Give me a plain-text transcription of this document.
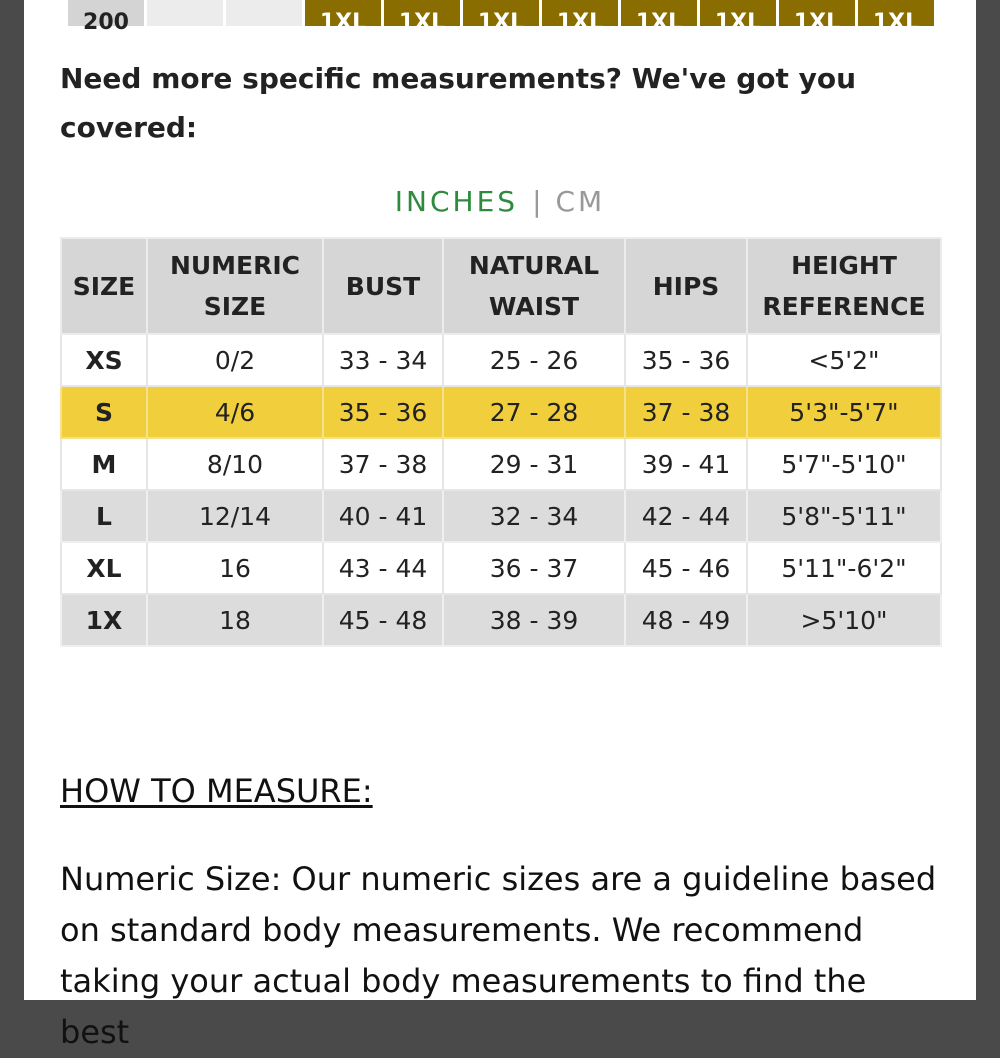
200	1XL 1XL 1XL 1XL 1XL 1XL 1XL 1XL
Need more specific measurements? We've got you covered:
INCHES | CM
SIZE	NUMERIC SIZE	BUST	NATURAL WAIST	HIPS	HEIGHT REFERENCE
XS	0/2	33 - 34	25 - 26	35 - 36	<5'2"
S	4/6	35 - 36	27 - 28	37 - 38	5'3"-5'7"
M	8/10	37 - 38	29 - 31	39 - 41	5'7"-5'10"
L	12/14	40 - 41	32 - 34	42 - 44	5'8"-5'11"
XL	16	43 - 44	36 - 37	45 - 46	5'11"-6'2"
1X	18	45 - 48	38 - 39	48 - 49	>5'10"
HOW TO MEASURE:
Numeric Size: Our numeric sizes are a guideline based on standard body measurements. We recommend taking your actual body measurements to find the best
